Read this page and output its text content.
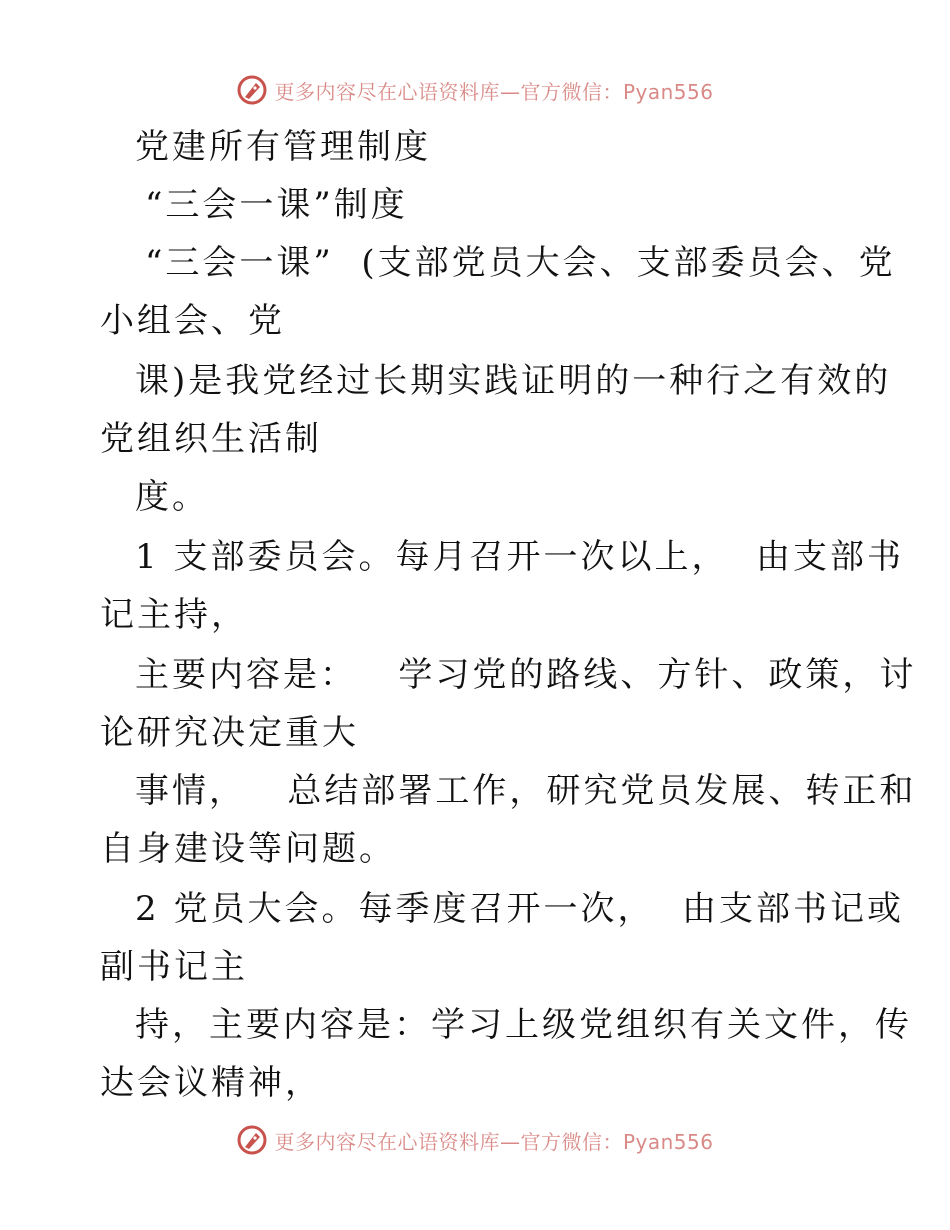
更多内容尽在心语资料库—官方微信：Pyan556
党建所有管理制度
“三会一课”制度
“三会一课”  (支部党员大会、支部委员会、党
小组会、党
课)是我党经过长期实践证明的一种行之有效的
党组织生活制
度。
1 支部委员会。每月召开一次以上，  由支部书
记主持，
主要内容是：   学习党的路线、方针、政策，讨
论研究决定重大
事情，   总结部署工作，研究党员发展、转正和
自身建设等问题。
2 党员大会。每季度召开一次，  由支部书记或
副书记主
持，主要内容是：学习上级党组织有关文件，传
达会议精神，
更多内容尽在心语资料库—官方微信：Pyan556
